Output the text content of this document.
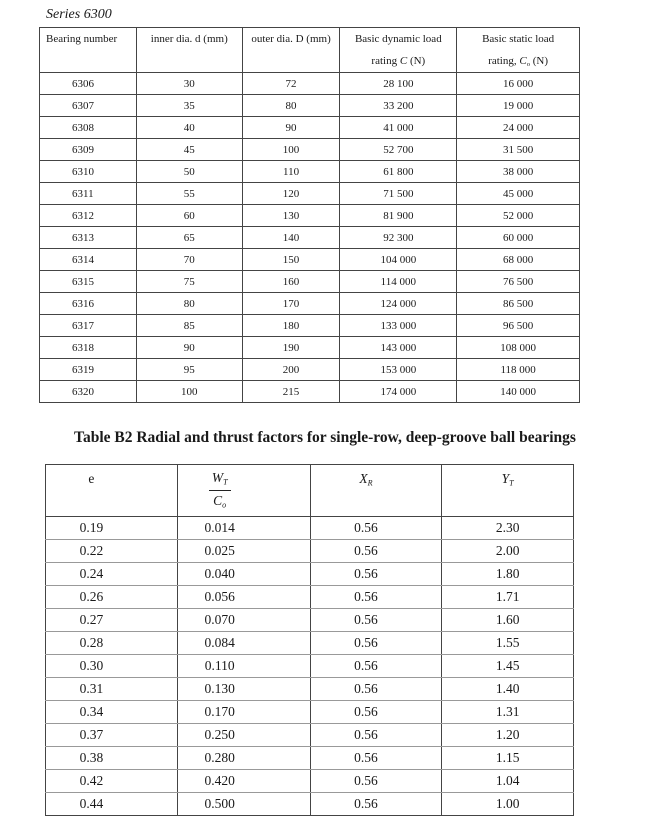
Series 6300
Bearing number	inner dia. d (mm)	outer dia. D (mm)	Basic dynamic load	Basic static load
			rating C (N)	rating, $C_o$ (N)
6306	30	72	28 100	16 000
6307	35	80	33 200	19 000
6308	40	90	41 000	24 000
6309	45	100	52 700	31 500
6310	50	110	61 800	38 000
6311	55	120	71 500	45 000
6312	60	130	81 900	52 000
6313	65	140	92 300	60 000
6314	70	150	104 000	68 000
6315	75	160	114 000	76 500
6316	80	170	124 000	86 500
6317	85	180	133 000	96 500
6318	90	190	143 000	108 000
6319	95	200	153 000	118 000
6320	100	215	174 000	140 000
Table B2 Radial and thrust factors for single-row, deep-groove ball bearings
e	$\frac{W_T}{C_o}$	$X_R$	$Y_T$
0.19	0.014	0.56	2.30
0.22	0.025	0.56	2.00
0.24	0.040	0.56	1.80
0.26	0.056	0.56	1.71
0.27	0.070	0.56	1.60
0.28	0.084	0.56	1.55
0.30	0.110	0.56	1.45
0.31	0.130	0.56	1.40
0.34	0.170	0.56	1.31
0.37	0.250	0.56	1.20
0.38	0.280	0.56	1.15
0.42	0.420	0.56	1.04
0.44	0.500	0.56	1.00
